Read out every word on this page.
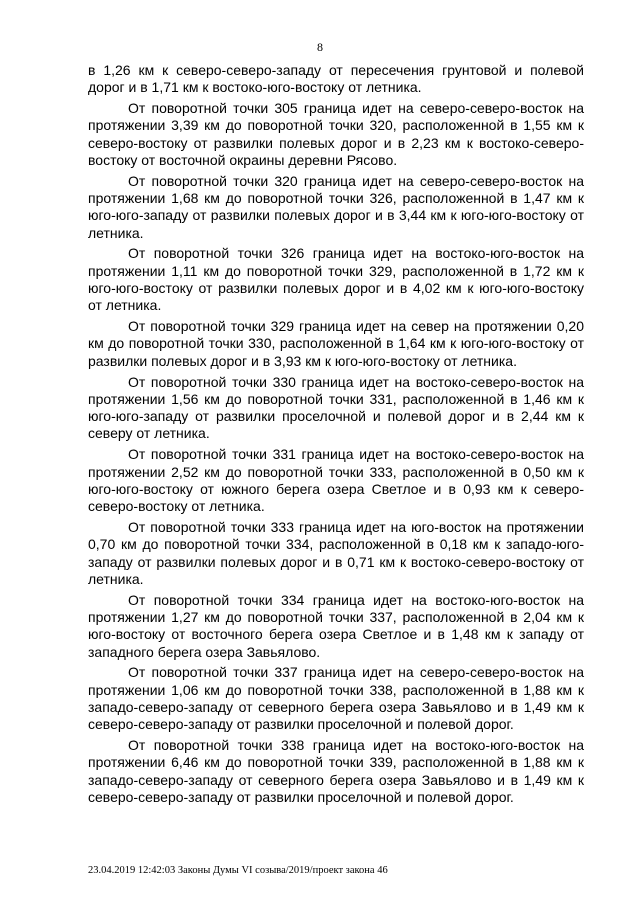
8

в 1,26 км к северо-северо-западу от пересечения грунтовой и полевой дорог и в 1,71 км к востоко-юго-востоку от летника.

От поворотной точки 305 граница идет на северо-северо-восток на протяжении 3,39 км до поворотной точки 320, расположенной в 1,55 км к северо-востоку от развилки полевых дорог и в 2,23 км к востоко-северо-востоку от восточной окраины деревни Рясово.

От поворотной точки 320 граница идет на северо-северо-восток на протяжении 1,68 км до поворотной точки 326, расположенной в 1,47 км к юго-юго-западу от развилки полевых дорог и в 3,44 км к юго-юго-востоку от летника.

От поворотной точки 326 граница идет на востоко-юго-восток на протяжении 1,11 км до поворотной точки 329, расположенной в 1,72 км к юго-юго-востоку от развилки полевых дорог и в 4,02 км к юго-юго-востоку от летника.

От поворотной точки 329 граница идет на север на протяжении 0,20 км до поворотной точки 330, расположенной в 1,64 км к юго-юго-востоку от развилки полевых дорог и в 3,93 км к юго-юго-востоку от летника.

От поворотной точки 330 граница идет на востоко-северо-восток на протяжении 1,56 км до поворотной точки 331, расположенной в 1,46 км к юго-юго-западу от развилки проселочной и полевой дорог и в 2,44 км к северу от летника.

От поворотной точки 331 граница идет на востоко-северо-восток на протяжении 2,52 км до поворотной точки 333, расположенной в 0,50 км к юго-юго-востоку от южного берега озера Светлое и в 0,93 км к северо-северо-востоку от летника.

От поворотной точки 333 граница идет на юго-восток на протяжении 0,70 км до поворотной точки 334, расположенной в 0,18 км к западо-юго-западу от развилки полевых дорог и в 0,71 км к востоко-северо-востоку от летника.

От поворотной точки 334 граница идет на востоко-юго-восток на протяжении 1,27 км до поворотной точки 337, расположенной в 2,04 км к юго-востоку от восточного берега озера Светлое и в 1,48 км к западу от западного берега озера Завьялово.

От поворотной точки 337 граница идет на северо-северо-восток на протяжении 1,06 км до поворотной точки 338, расположенной в 1,88 км к западо-северо-западу от северного берега озера Завьялово и в 1,49 км к северо-северо-западу от развилки проселочной и полевой дорог.

От поворотной точки 338 граница идет на востоко-юго-восток на протяжении 6,46 км до поворотной точки 339, расположенной в 1,88 км к западо-северо-западу от северного берега озера Завьялово и в 1,49 км к северо-северо-западу от развилки проселочной и полевой дорог.

23.04.2019 12:42:03 Законы Думы VI созыва/2019/проект закона 46
